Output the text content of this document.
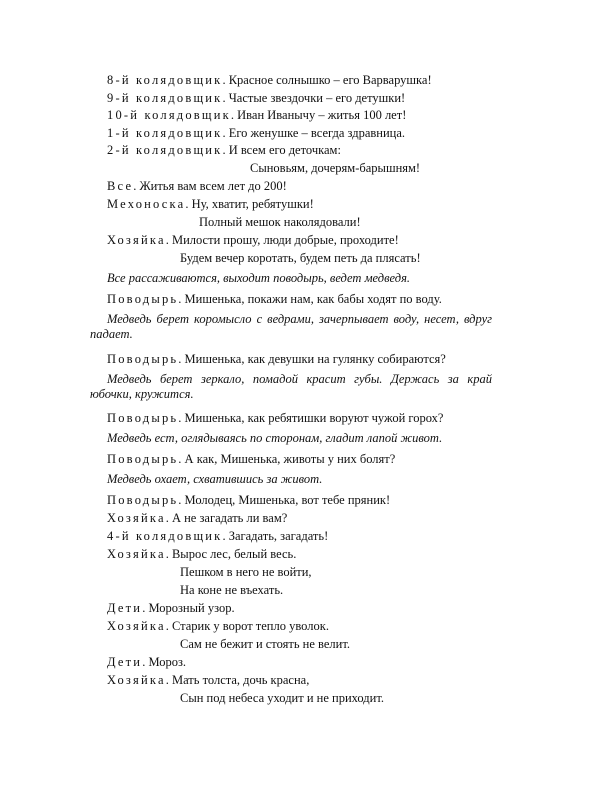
8-й колядовщик. Красное солнышко – его Варварушка!
9-й колядовщик. Частые звездочки – его детушки!
10-й колядовщик. Иван Иванычу – житья 100 лет!
1-й колядовщик. Его женушке – всегда здравница.
2-й колядовщик. И всем его деточкам:
Сыновьям, дочерям-барышням!
Все. Житья вам всем лет до 200!
Мехоноска. Ну, хватит, ребятушки!
Полный мешок наколядовали!
Хозяйка. Милости прошу, люди добрые, проходите!
Будем вечер коротать, будем петь да плясать!
Все рассаживаются, выходит поводырь, ведет медведя.
Поводырь. Мишенька, покажи нам, как бабы ходят по воду.
Медведь берет коромысло с ведрами, зачерпывает воду, несет, вдруг падает.
Поводырь. Мишенька, как девушки на гулянку собираются?
Медведь берет зеркало, помадой красит губы. Держась за край юбочки, кружится.
Поводырь. Мишенька, как ребятишки воруют чужой горох?
Медведь ест, оглядываясь по сторонам, гладит лапой живот.
Поводырь. А как, Мишенька, животы у них болят?
Медведь охает, схватившись за живот.
Поводырь. Молодец, Мишенька, вот тебе пряник!
Хозяйка. А не загадать ли вам?
4-й колядовщик. Загадать, загадать!
Хозяйка. Вырос лес, белый весь.
Пешком в него не войти,
На коне не въехать.
Дети. Морозный узор.
Хозяйка. Старик у ворот тепло уволок.
Сам не бежит и стоять не велит.
Дети. Мороз.
Хозяйка. Мать толста, дочь красна,
Сын под небеса уходит и не приходит.
